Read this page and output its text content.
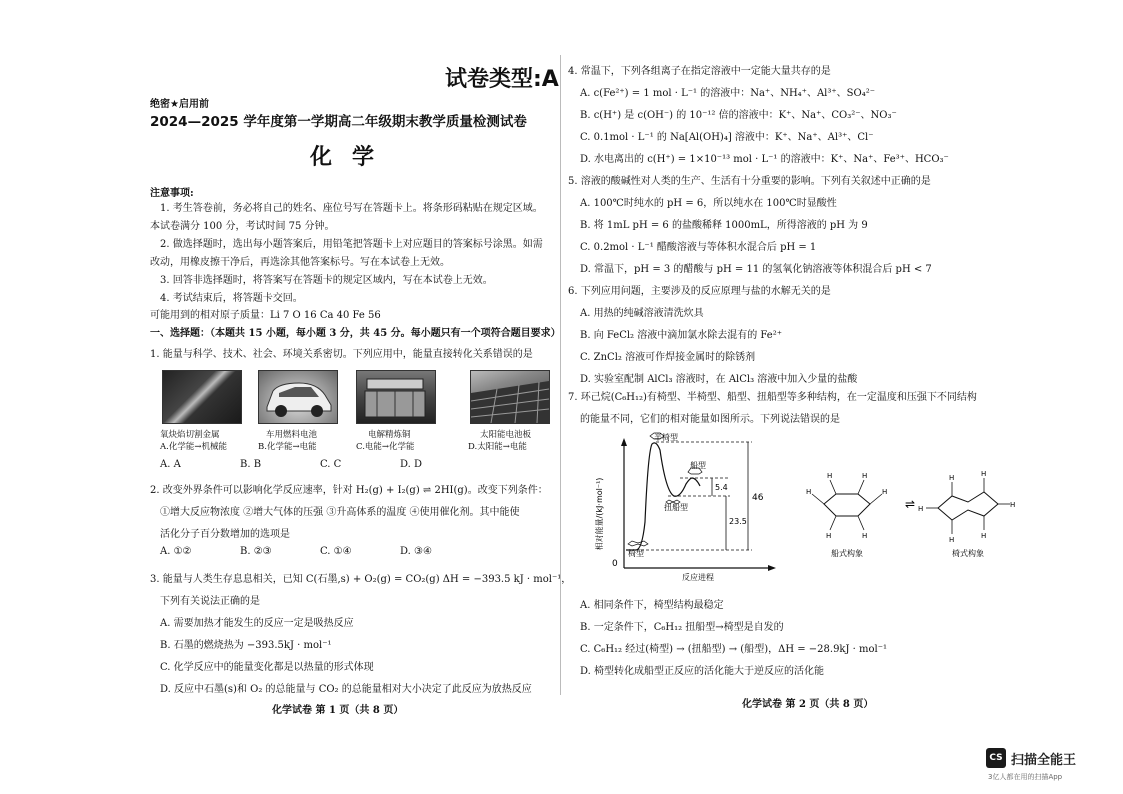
试卷类型:A
绝密★启用前
2024—2025 学年度第一学期高二年级期末教学质量检测试卷
化学
注意事项:
1. 考生答卷前，务必将自己的姓名、座位号写在答题卡上。将条形码粘贴在规定区域。
本试卷满分 100 分，考试时间 75 分钟。
2. 做选择题时，选出每小题答案后，用铅笔把答题卡上对应题目的答案标号涂黑。如需
改动，用橡皮擦干净后，再选涂其他答案标号。写在本试卷上无效。
3. 回答非选择题时，将答案写在答题卡的规定区域内，写在本试卷上无效。
4. 考试结束后，将答题卡交回。
可能用到的相对原子质量：Li 7 O 16 Ca 40 Fe 56
一、选择题：（本题共 15 小题，每小题 3 分，共 45 分。每小题只有一个项符合题目要求）
1. 能量与科学、技术、社会、环境关系密切。下列应用中，能量直接转化关系错误的是
氧炔焰切割金属
A.化学能→机械能
车用燃料电池
B.化学能→电能
电解精炼铜
C.电能→化学能
太阳能电池板
D.太阳能→电能
A. A	B. B	C. C	D. D
2. 改变外界条件可以影响化学反应速率，针对 H₂(g) + I₂(g) ⇌ 2HI(g)。改变下列条件：
①增大反应物浓度 ②增大气体的压强 ③升高体系的温度 ④使用催化剂。其中能使
活化分子百分数增加的选项是
A. ①②	B. ②③	C. ①④	D. ③④
3. 能量与人类生存息息相关，已知 C(石墨,s) + O₂(g) = CO₂(g) ΔH = −393.5 kJ · mol⁻¹，
下列有关说法正确的是
A. 需要加热才能发生的反应一定是吸热反应
B. 石墨的燃烧热为 −393.5kJ · mol⁻¹
C. 化学反应中的能量变化都是以热量的形式体现
D. 反应中石墨(s)和 O₂ 的总能量与 CO₂ 的总能量相对大小决定了此反应为放热反应
化学试卷 第 1 页（共 8 页）
4. 常温下，下列各组离子在指定溶液中一定能大量共存的是
A. c(Fe²⁺) = 1 mol · L⁻¹ 的溶液中：Na⁺、NH₄⁺、Al³⁺、SO₄²⁻
B. c(H⁺) 是 c(OH⁻) 的 10⁻¹² 倍的溶液中：K⁺、Na⁺、CO₃²⁻、NO₃⁻
C. 0.1mol · L⁻¹ 的 Na[Al(OH)₄] 溶液中：K⁺、Na⁺、Al³⁺、Cl⁻
D. 水电离出的 c(H⁺) = 1×10⁻¹³ mol · L⁻¹ 的溶液中：K⁺、Na⁺、Fe³⁺、HCO₃⁻
5. 溶液的酸碱性对人类的生产、生活有十分重要的影响。下列有关叙述中正确的是
A. 100℃时纯水的 pH = 6，所以纯水在 100℃时显酸性
B. 将 1mL pH = 6 的盐酸稀释 1000mL，所得溶液的 pH 为 9
C. 0.2mol · L⁻¹ 醋酸溶液与等体积水混合后 pH = 1
D. 常温下，pH = 3 的醋酸与 pH = 11 的氢氧化钠溶液等体积混合后 pH < 7
6. 下列应用问题，主要涉及的反应原理与盐的水解无关的是
A. 用热的纯碱溶液清洗炊具
B. 向 FeCl₂ 溶液中滴加氯水除去混有的 Fe²⁺
C. ZnCl₂ 溶液可作焊接金属时的除锈剂
D. 实验室配制 AlCl₃ 溶液时，在 AlCl₃ 溶液中加入少量的盐酸
7. 环己烷(C₆H₁₂)有椅型、半椅型、船型、扭船型等多种结构，在一定温度和压强下不同结构
的能量不同，它们的相对能量如图所示。下列说法错误的是
相对能量/(kJ·mol⁻¹)
反应进程
0
5.4
23.5
46
半椅型
船型
扭船型
椅型
H	H
H	H
H	H
船式构象
⇌ H	H
H	H
H	H
椅式构象
A. 相同条件下，椅型结构最稳定
B. 一定条件下，C₆H₁₂ 扭船型→椅型是自发的
C. C₆H₁₂ 经过(椅型) → (扭船型) → (船型)，ΔH = −28.9kJ · mol⁻¹
D. 椅型转化成船型正反应的活化能大于逆反应的活化能
化学试卷 第 2 页（共 8 页）
CS 扫描全能王
3亿人都在用的扫描App
